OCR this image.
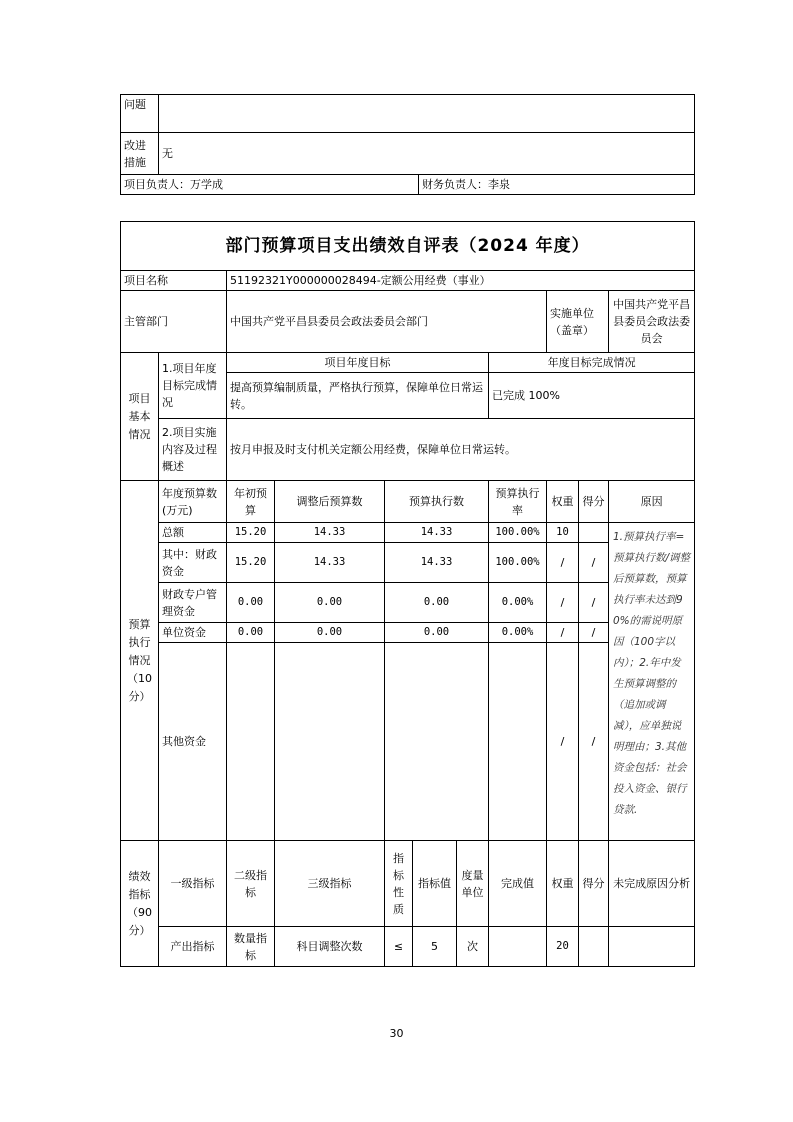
问题		
改进措施	无	
项目负责人：万学成		财务负责人：李泉
部门预算项目支出绩效自评表（2024 年度）										
项目名称		51192321Y000000028494-定额公用经费（事业）								
主管部门		中国共产党平昌县委员会政法委员会部门						实施单位（盖章）		中国共产党平昌县委员会政法委员会
项目基本情况	1.项目年度目标完成情况	项目年度目标					年度目标完成情况			
		提高预算编制质量，严格执行预算，保障单位日常运转。					已完成 100%			
	2.项目实施内容及过程概述	按月申报及时支付机关定额公用经费，保障单位日常运转。								
预算执行情况（10分）	年度预算数(万元)	年初预算	调整后预算数	预算执行数			预算执行率	权重	得分	原因
	总额	15.20	14.33	14.33			100.00%	10		1.预算执行率=预算执行数/调整后预算数，预算执行率未达到90%的需说明原因（100字以内）；2.年中发生预算调整的（追加或调减），应单独说明理由；3.其他资金包括：社会投入资金、银行贷款.
	其中：财政资金	15.20	14.33	14.33			100.00%	/	/	
	财政专户管理资金	0.00	0.00	0.00			0.00%	/	/	
	单位资金	0.00	0.00	0.00			0.00%	/	/	
	其他资金							/	/	
绩效指标（90分）	一级指标	二级指标	三级指标	指标性质	指标值	度量单位	完成值	权重	得分	未完成原因分析
	产出指标	数量指标	科目调整次数	≤	5	次		20		
30
